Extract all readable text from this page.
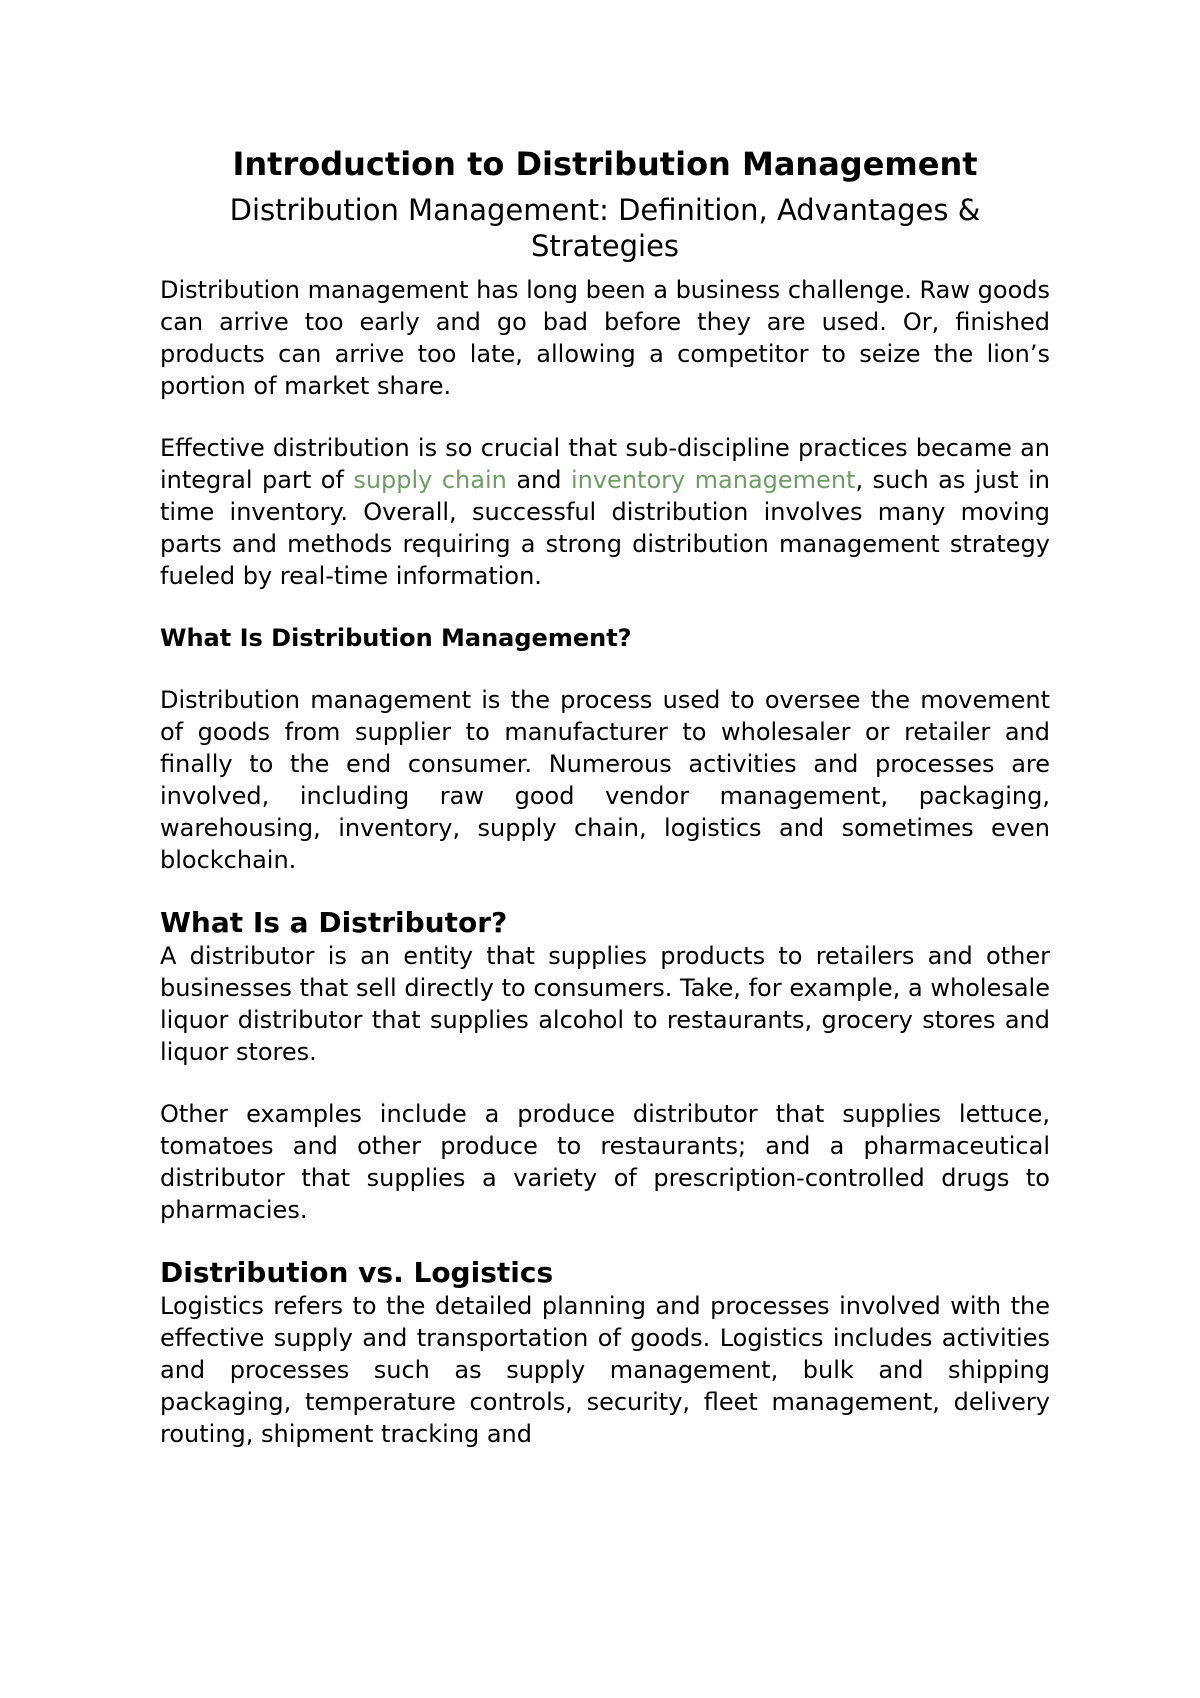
Introduction to Distribution Management
Distribution Management: Definition, Advantages & Strategies

Distribution management has long been a business challenge. Raw goods can arrive too early and go bad before they are used. Or, finished products can arrive too late, allowing a competitor to seize the lion’s portion of market share.

Effective distribution is so crucial that sub-discipline practices became an integral part of supply chain and inventory management, such as just in time inventory. Overall, successful distribution involves many moving parts and methods requiring a strong distribution management strategy fueled by real-time information.

What Is Distribution Management?

Distribution management is the process used to oversee the movement of goods from supplier to manufacturer to wholesaler or retailer and finally to the end consumer. Numerous activities and processes are involved, including raw good vendor management, packaging, warehousing, inventory, supply chain, logistics and sometimes even blockchain.

What Is a Distributor?

A distributor is an entity that supplies products to retailers and other businesses that sell directly to consumers. Take, for example, a wholesale liquor distributor that supplies alcohol to restaurants, grocery stores and liquor stores.

Other examples include a produce distributor that supplies lettuce, tomatoes and other produce to restaurants; and a pharmaceutical distributor that supplies a variety of prescription-controlled drugs to pharmacies.

Distribution vs. Logistics

Logistics refers to the detailed planning and processes involved with the effective supply and transportation of goods. Logistics includes activities and processes such as supply management, bulk and shipping packaging, temperature controls, security, fleet management, delivery routing, shipment tracking and
